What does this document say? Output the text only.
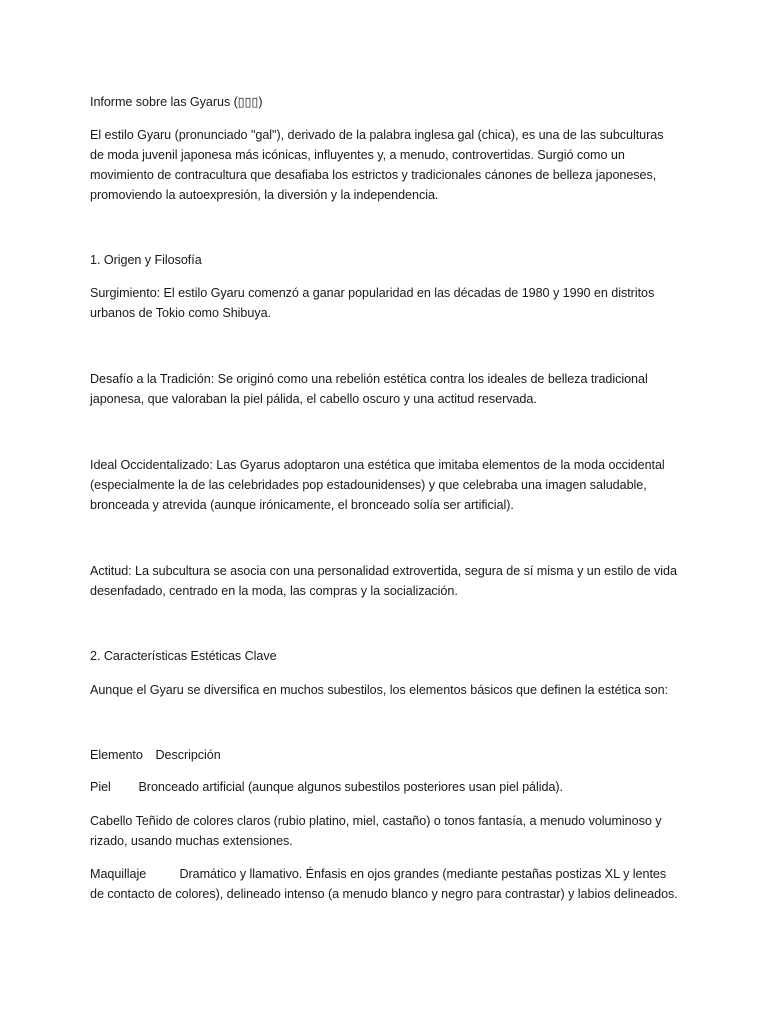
Informe sobre las Gyarus (▯▯▯)

El estilo Gyaru (pronunciado "gal"), derivado de la palabra inglesa gal (chica), es una de las subculturas de moda juvenil japonesa más icónicas, influyentes y, a menudo, controvertidas. Surgió como un movimiento de contracultura que desafiaba los estrictos y tradicionales cánones de belleza japoneses, promoviendo la autoexpresión, la diversión y la independencia.

1. Origen y Filosofía

Surgimiento: El estilo Gyaru comenzó a ganar popularidad en las décadas de 1980 y 1990 en distritos urbanos de Tokio como Shibuya.

Desafío a la Tradición: Se originó como una rebelión estética contra los ideales de belleza tradicional japonesa, que valoraban la piel pálida, el cabello oscuro y una actitud reservada.

Ideal Occidentalizado: Las Gyarus adoptaron una estética que imitaba elementos de la moda occidental (especialmente la de las celebridades pop estadounidenses) y que celebraba una imagen saludable, bronceada y atrevida (aunque irónicamente, el bronceado solía ser artificial).

Actitud: La subcultura se asocia con una personalidad extrovertida, segura de sí misma y un estilo de vida desenfadado, centrado en la moda, las compras y la socialización.

2. Características Estéticas Clave

Aunque el Gyaru se diversifica en muchos subestilos, los elementos básicos que definen la estética son:

Elemento Descripción

Piel Bronceado artificial (aunque algunos subestilos posteriores usan piel pálida).

Cabello Teñido de colores claros (rubio platino, miel, castaño) o tonos fantasía, a menudo voluminoso y rizado, usando muchas extensiones.

Maquillaje	Dramático y llamativo. Énfasis en ojos grandes (mediante pestañas postizas XL y lentes de contacto de colores), delineado intenso (a menudo blanco y negro para contrastar) y labios delineados.
